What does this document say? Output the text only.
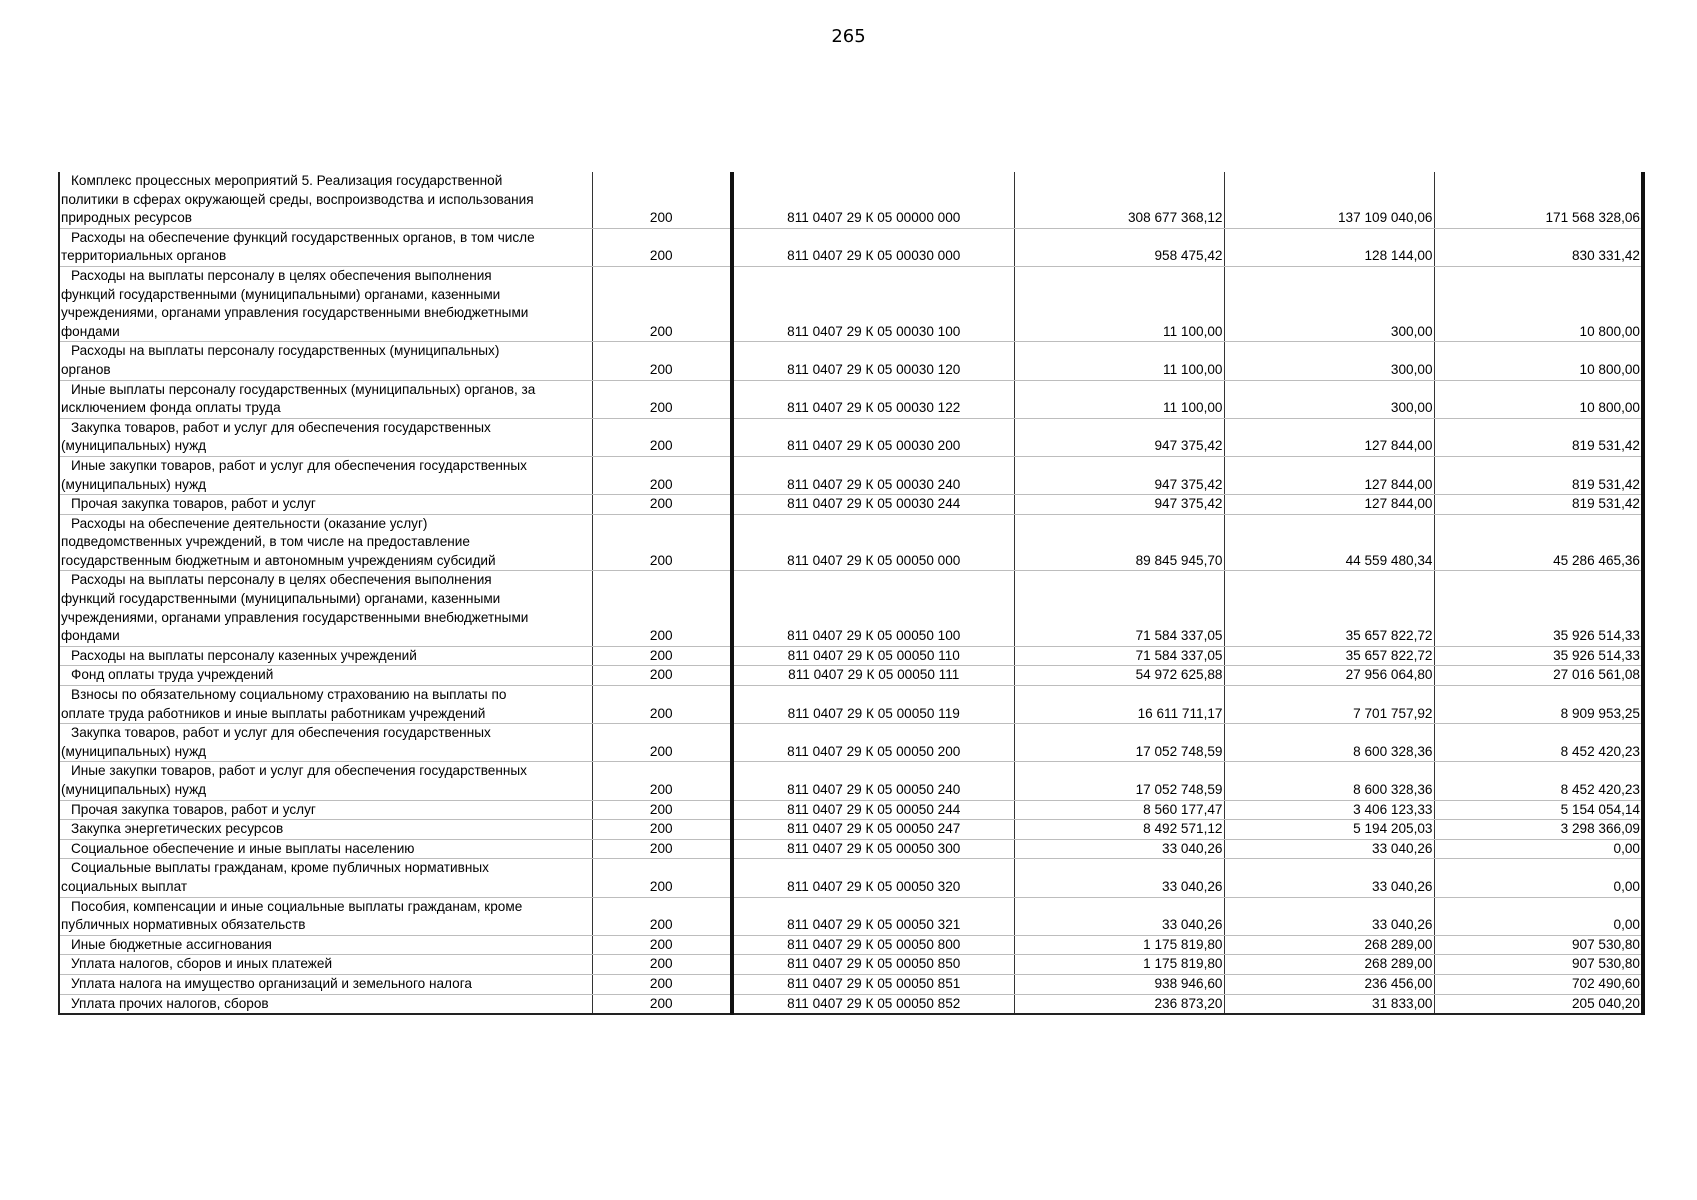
265
Комплекс процессных мероприятий 5. Реализация государственной
политики в сферах окружающей среды, воспроизводства и использования
природных ресурсов	200	811 0407 29 К 05 00000 000	308 677 368,12	137 109 040,06	171 568 328,06

Расходы на обеспечение функций государственных органов, в том числе
территориальных органов	200	811 0407 29 К 05 00030 000	958 475,42	128 144,00	830 331,42

Расходы на выплаты персоналу в целях обеспечения выполнения
функций государственными (муниципальными) органами, казенными
учреждениями, органами управления государственными внебюджетными
фондами	200	811 0407 29 К 05 00030 100	11 100,00	300,00	10 800,00

Расходы на выплаты персоналу государственных (муниципальных)
органов	200	811 0407 29 К 05 00030 120	11 100,00	300,00	10 800,00

Иные выплаты персоналу государственных (муниципальных) органов, за
исключением фонда оплаты труда	200	811 0407 29 К 05 00030 122	11 100,00	300,00	10 800,00

Закупка товаров, работ и услуг для обеспечения государственных
(муниципальных) нужд	200	811 0407 29 К 05 00030 200	947 375,42	127 844,00	819 531,42

Иные закупки товаров, работ и услуг для обеспечения государственных
(муниципальных) нужд	200	811 0407 29 К 05 00030 240	947 375,42	127 844,00	819 531,42

Прочая закупка товаров, работ и услуг	200	811 0407 29 К 05 00030 244	947 375,42	127 844,00	819 531,42

Расходы на обеспечение деятельности (оказание услуг)
подведомственных учреждений, в том числе на предоставление
государственным бюджетным и автономным учреждениям субсидий	200	811 0407 29 К 05 00050 000	89 845 945,70	44 559 480,34	45 286 465,36

Расходы на выплаты персоналу в целях обеспечения выполнения
функций государственными (муниципальными) органами, казенными
учреждениями, органами управления государственными внебюджетными
фондами	200	811 0407 29 К 05 00050 100	71 584 337,05	35 657 822,72	35 926 514,33

Расходы на выплаты персоналу казенных учреждений	200	811 0407 29 К 05 00050 110	71 584 337,05	35 657 822,72	35 926 514,33

Фонд оплаты труда учреждений	200	811 0407 29 К 05 00050 111	54 972 625,88	27 956 064,80	27 016 561,08

Взносы по обязательному социальному страхованию на выплаты по
оплате труда работников и иные выплаты работникам учреждений	200	811 0407 29 К 05 00050 119	16 611 711,17	7 701 757,92	8 909 953,25

Закупка товаров, работ и услуг для обеспечения государственных
(муниципальных) нужд	200	811 0407 29 К 05 00050 200	17 052 748,59	8 600 328,36	8 452 420,23

Иные закупки товаров, работ и услуг для обеспечения государственных
(муниципальных) нужд	200	811 0407 29 К 05 00050 240	17 052 748,59	8 600 328,36	8 452 420,23

Прочая закупка товаров, работ и услуг	200	811 0407 29 К 05 00050 244	8 560 177,47	3 406 123,33	5 154 054,14

Закупка энергетических ресурсов	200	811 0407 29 К 05 00050 247	8 492 571,12	5 194 205,03	3 298 366,09

Социальное обеспечение и иные выплаты населению	200	811 0407 29 К 05 00050 300	33 040,26	33 040,26	0,00

Социальные выплаты гражданам, кроме публичных нормативных
социальных выплат	200	811 0407 29 К 05 00050 320	33 040,26	33 040,26	0,00

Пособия, компенсации и иные социальные выплаты гражданам, кроме
публичных нормативных обязательств	200	811 0407 29 К 05 00050 321	33 040,26	33 040,26	0,00

Иные бюджетные ассигнования	200	811 0407 29 К 05 00050 800	1 175 819,80	268 289,00	907 530,80

Уплата налогов, сборов и иных платежей	200	811 0407 29 К 05 00050 850	1 175 819,80	268 289,00	907 530,80

Уплата налога на имущество организаций и земельного налога	200	811 0407 29 К 05 00050 851	938 946,60	236 456,00	702 490,60

Уплата прочих налогов, сборов	200	811 0407 29 К 05 00050 852	236 873,20	31 833,00	205 040,20
